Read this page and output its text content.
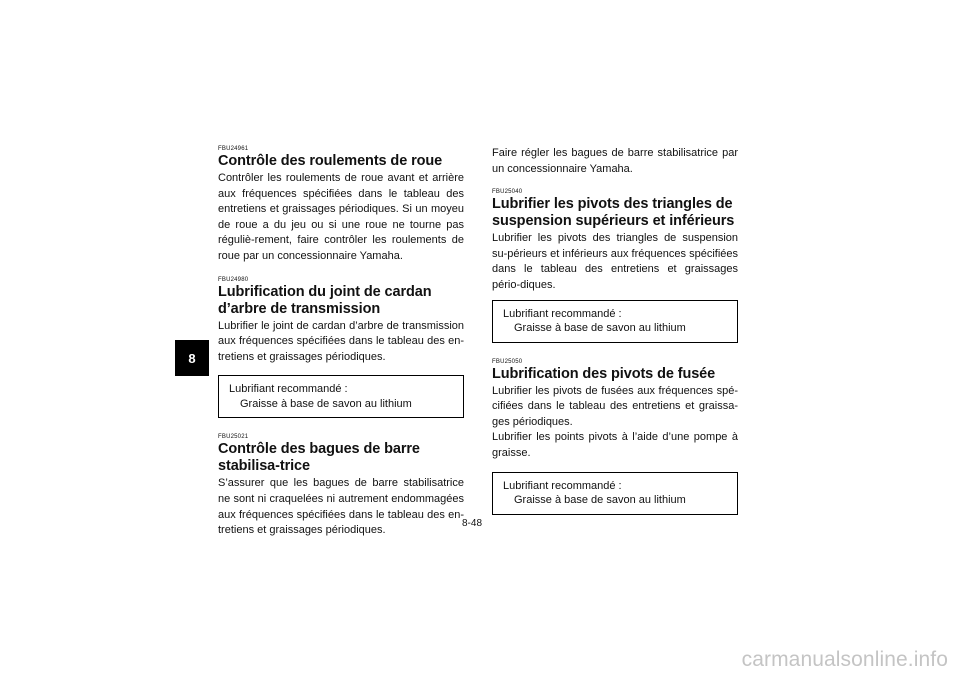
8

FBU24961

Contrôle des roulements de roue

Contrôler les roulements de roue avant et arrière aux fréquences spécifiées dans le tableau des entretiens et graissages périodiques. Si un moyeu de roue a du jeu ou si une roue ne tourne pas réguliè-rement, faire contrôler les roulements de roue par un concessionnaire Yamaha.

FBU24980

Lubrification du joint de cardan d’arbre de transmission

Lubrifier le joint de cardan d’arbre de transmission aux fréquences spécifiées dans le tableau des en-tretiens et graissages périodiques.

Lubrifiant recommandé :
Graisse à base de savon au lithium

FBU25021

Contrôle des bagues de barre stabilisa-trice

S’assurer que les bagues de barre stabilisatrice ne sont ni craquelées ni autrement endommagées aux fréquences spécifiées dans le tableau des en-tretiens et graissages périodiques.

Faire régler les bagues de barre stabilisatrice par un concessionnaire Yamaha.

FBU25040

Lubrifier les pivots des triangles de suspension supérieurs et inférieurs

Lubrifier les pivots des triangles de suspension su-périeurs et inférieurs aux fréquences spécifiées dans le tableau des entretiens et graissages pério-diques.

Lubrifiant recommandé :
Graisse à base de savon au lithium

FBU25050

Lubrification des pivots de fusée

Lubrifier les pivots de fusées aux fréquences spé-cifiées dans le tableau des entretiens et graissa-ges périodiques.

Lubrifier les points pivots à l’aide d’une pompe à graisse.

Lubrifiant recommandé :
Graisse à base de savon au lithium
8-48
carmanualsonline.info
